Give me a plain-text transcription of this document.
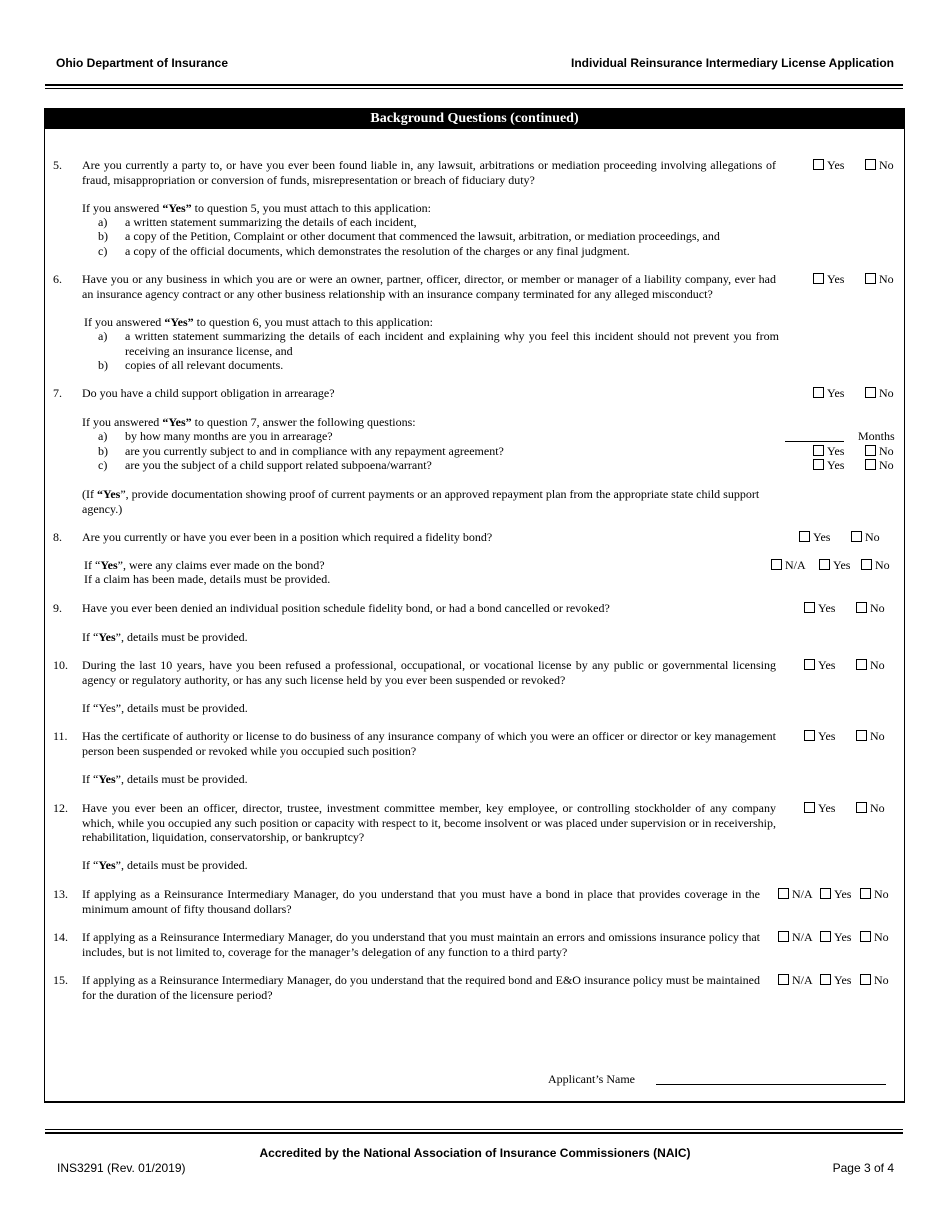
Ohio Department of Insurance	Individual Reinsurance Intermediary License Application
Background Questions (continued)
5. Are you currently a party to, or have you ever been found liable in, any lawsuit, arbitrations or mediation proceeding involving allegations of fraud, misappropriation or conversion of funds, misrepresentation or breach of fiduciary duty?
Yes	No
If you answered “Yes” to question 5, you must attach to this application:
a) a written statement summarizing the details of each incident,
b) a copy of the Petition, Complaint or other document that commenced the lawsuit, arbitration, or mediation proceedings, and
c) a copy of the official documents, which demonstrates the resolution of the charges or any final judgment.
6. Have you or any business in which you are or were an owner, partner, officer, director, or member or manager of a liability company, ever had an insurance agency contract or any other business relationship with an insurance company terminated for any alleged misconduct?
Yes	No
If you answered “Yes” to question 6, you must attach to this application:
a) a written statement summarizing the details of each incident and explaining why you feel this incident should not prevent you from receiving an insurance license, and
b) copies of all relevant documents.
7. Do you have a child support obligation in arrearage?	Yes	No
If you answered “Yes” to question 7, answer the following questions:
a) by how many months are you in arrearage?
b) are you currently subject to and in compliance with any repayment agreement?
c) are you the subject of a child support related subpoena/warrant?
Months
Yes	No
Yes	No
(If “Yes”, provide documentation showing proof of current payments or an approved repayment plan from the appropriate state child support agency.)
8. Are you currently or have you ever been in a position which required a fidelity bond?	Yes	No
If “Yes”, were any claims ever made on the bond?
If a claim has been made, details must be provided.
N/A	Yes	No
9. Have you ever been denied an individual position schedule fidelity bond, or had a bond cancelled or revoked?	Yes	No
If “Yes”, details must be provided.
10. During the last 10 years, have you been refused a professional, occupational, or vocational license by any public or governmental licensing agency or regulatory authority, or has any such license held by you ever been suspended or revoked?
Yes	No
If “Yes”, details must be provided.
11. Has the certificate of authority or license to do business of any insurance company of which you were an officer or director or key management person been suspended or revoked while you occupied such position?
Yes	No
If “Yes”, details must be provided.
12. Have you ever been an officer, director, trustee, investment committee member, key employee, or controlling stockholder of any company which, while you occupied any such position or capacity with respect to it, become insolvent or was placed under supervision or in receivership, rehabilitation, liquidation, conservatorship, or bankruptcy?
Yes	No
If “Yes”, details must be provided.
13. If applying as a Reinsurance Intermediary Manager, do you understand that you must have a bond in place that provides coverage in the minimum amount of fifty thousand dollars?
N/A	Yes	No
14. If applying as a Reinsurance Intermediary Manager, do you understand that you must maintain an errors and omissions insurance policy that includes, but is not limited to, coverage for the manager’s delegation of any function to a third party?
N/A	Yes	No
15. If applying as a Reinsurance Intermediary Manager, do you understand that the required bond and E&O insurance policy must be maintained for the duration of the licensure period?
N/A	Yes	No
Applicant’s Name
Accredited by the National Association of Insurance Commissioners (NAIC)
INS3291 (Rev. 01/2019)	Page 3 of 4
